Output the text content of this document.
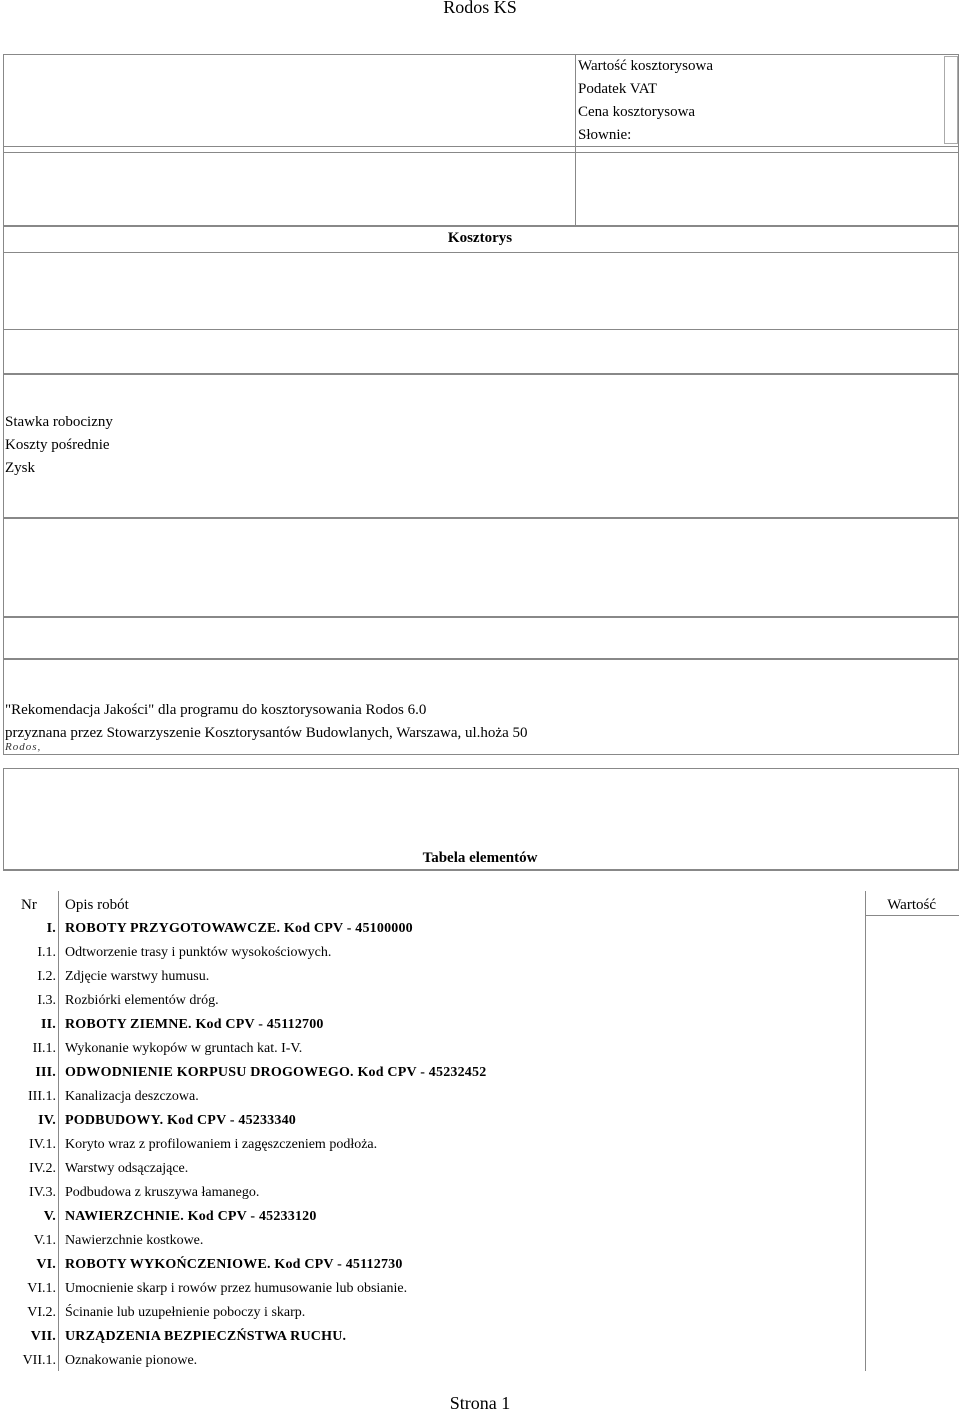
Rodos KS
Wartość kosztorysowa
Podatek VAT
Cena kosztorysowa
Słownie:
Kosztorys
Stawka robocizny
Koszty pośrednie
Zysk
"Rekomendacja Jakości" dla programu do kosztorysowania Rodos 6.0
przyznana przez Stowarzyszenie Kosztorysantów Budowlanych, Warszawa, ul.hoża 50
Rodos,
Tabela elementów
Nr Opis robót	Wartość
I. ROBOTY PRZYGOTOWAWCZE. Kod CPV - 45100000
I.1. Odtworzenie trasy i punktów wysokościowych.
I.2. Zdjęcie warstwy humusu.
I.3. Rozbiórki elementów dróg.
II. ROBOTY ZIEMNE. Kod CPV - 45112700
II.1. Wykonanie wykopów w gruntach kat. I-V.
III. ODWODNIENIE KORPUSU DROGOWEGO. Kod CPV - 45232452
III.1. Kanalizacja deszczowa.
IV. PODBUDOWY. Kod CPV - 45233340
IV.1. Koryto wraz z profilowaniem i zagęszczeniem podłoża.
IV.2. Warstwy odsączające.
IV.3. Podbudowa z kruszywa łamanego.
V. NAWIERZCHNIE. Kod CPV - 45233120
V.1. Nawierzchnie kostkowe.
VI. ROBOTY WYKOŃCZENIOWE. Kod CPV - 45112730
VI.1. Umocnienie skarp i rowów przez humusowanie lub obsianie.
VI.2. Ścinanie lub uzupełnienie poboczy i skarp.
VII. URZĄDZENIA BEZPIECZŃSTWA RUCHU.
VII.1. Oznakowanie pionowe.
Strona 1
